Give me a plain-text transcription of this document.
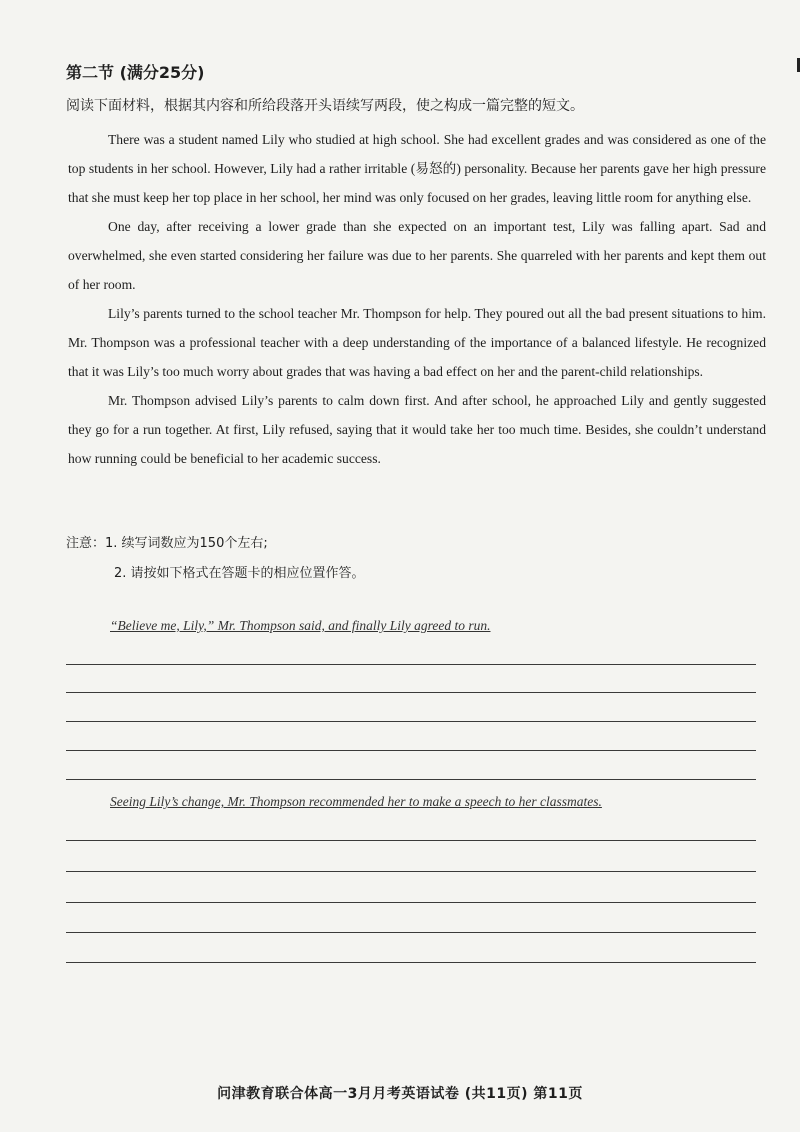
第二节 (满分25分)
阅读下面材料，根据其内容和所给段落开头语续写两段，使之构成一篇完整的短文。

There was a student named Lily who studied at high school. She had excellent grades and was considered as one of the top students in her school. However, Lily had a rather irritable (易怒的) personality. Because her parents gave her high pressure that she must keep her top place in her school, her mind was only focused on her grades, leaving little room for anything else.

One day, after receiving a lower grade than she expected on an important test, Lily was falling apart. Sad and overwhelmed, she even started considering her failure was due to her parents. She quarreled with her parents and kept them out of her room.

Lily’s parents turned to the school teacher Mr. Thompson for help. They poured out all the bad present situations to him. Mr. Thompson was a professional teacher with a deep understanding of the importance of a balanced lifestyle. He recognized that it was Lily’s too much worry about grades that was having a bad effect on her and the parent-child relationships.

Mr. Thompson advised Lily’s parents to calm down first. And after school, he approached Lily and gently suggested they go for a run together. At first, Lily refused, saying that it would take her too much time. Besides, she couldn’t understand how running could be beneficial to her academic success.

注意：1. 续写词数应为150个左右;
2. 请按如下格式在答题卡的相应位置作答。
“Believe me, Lily,” Mr. Thompson said, and finally Lily agreed to run.
Seeing Lily’s change, Mr. Thompson recommended her to make a speech to her classmates.
问津教育联合体高一3月月考英语试卷 (共11页) 第11页
